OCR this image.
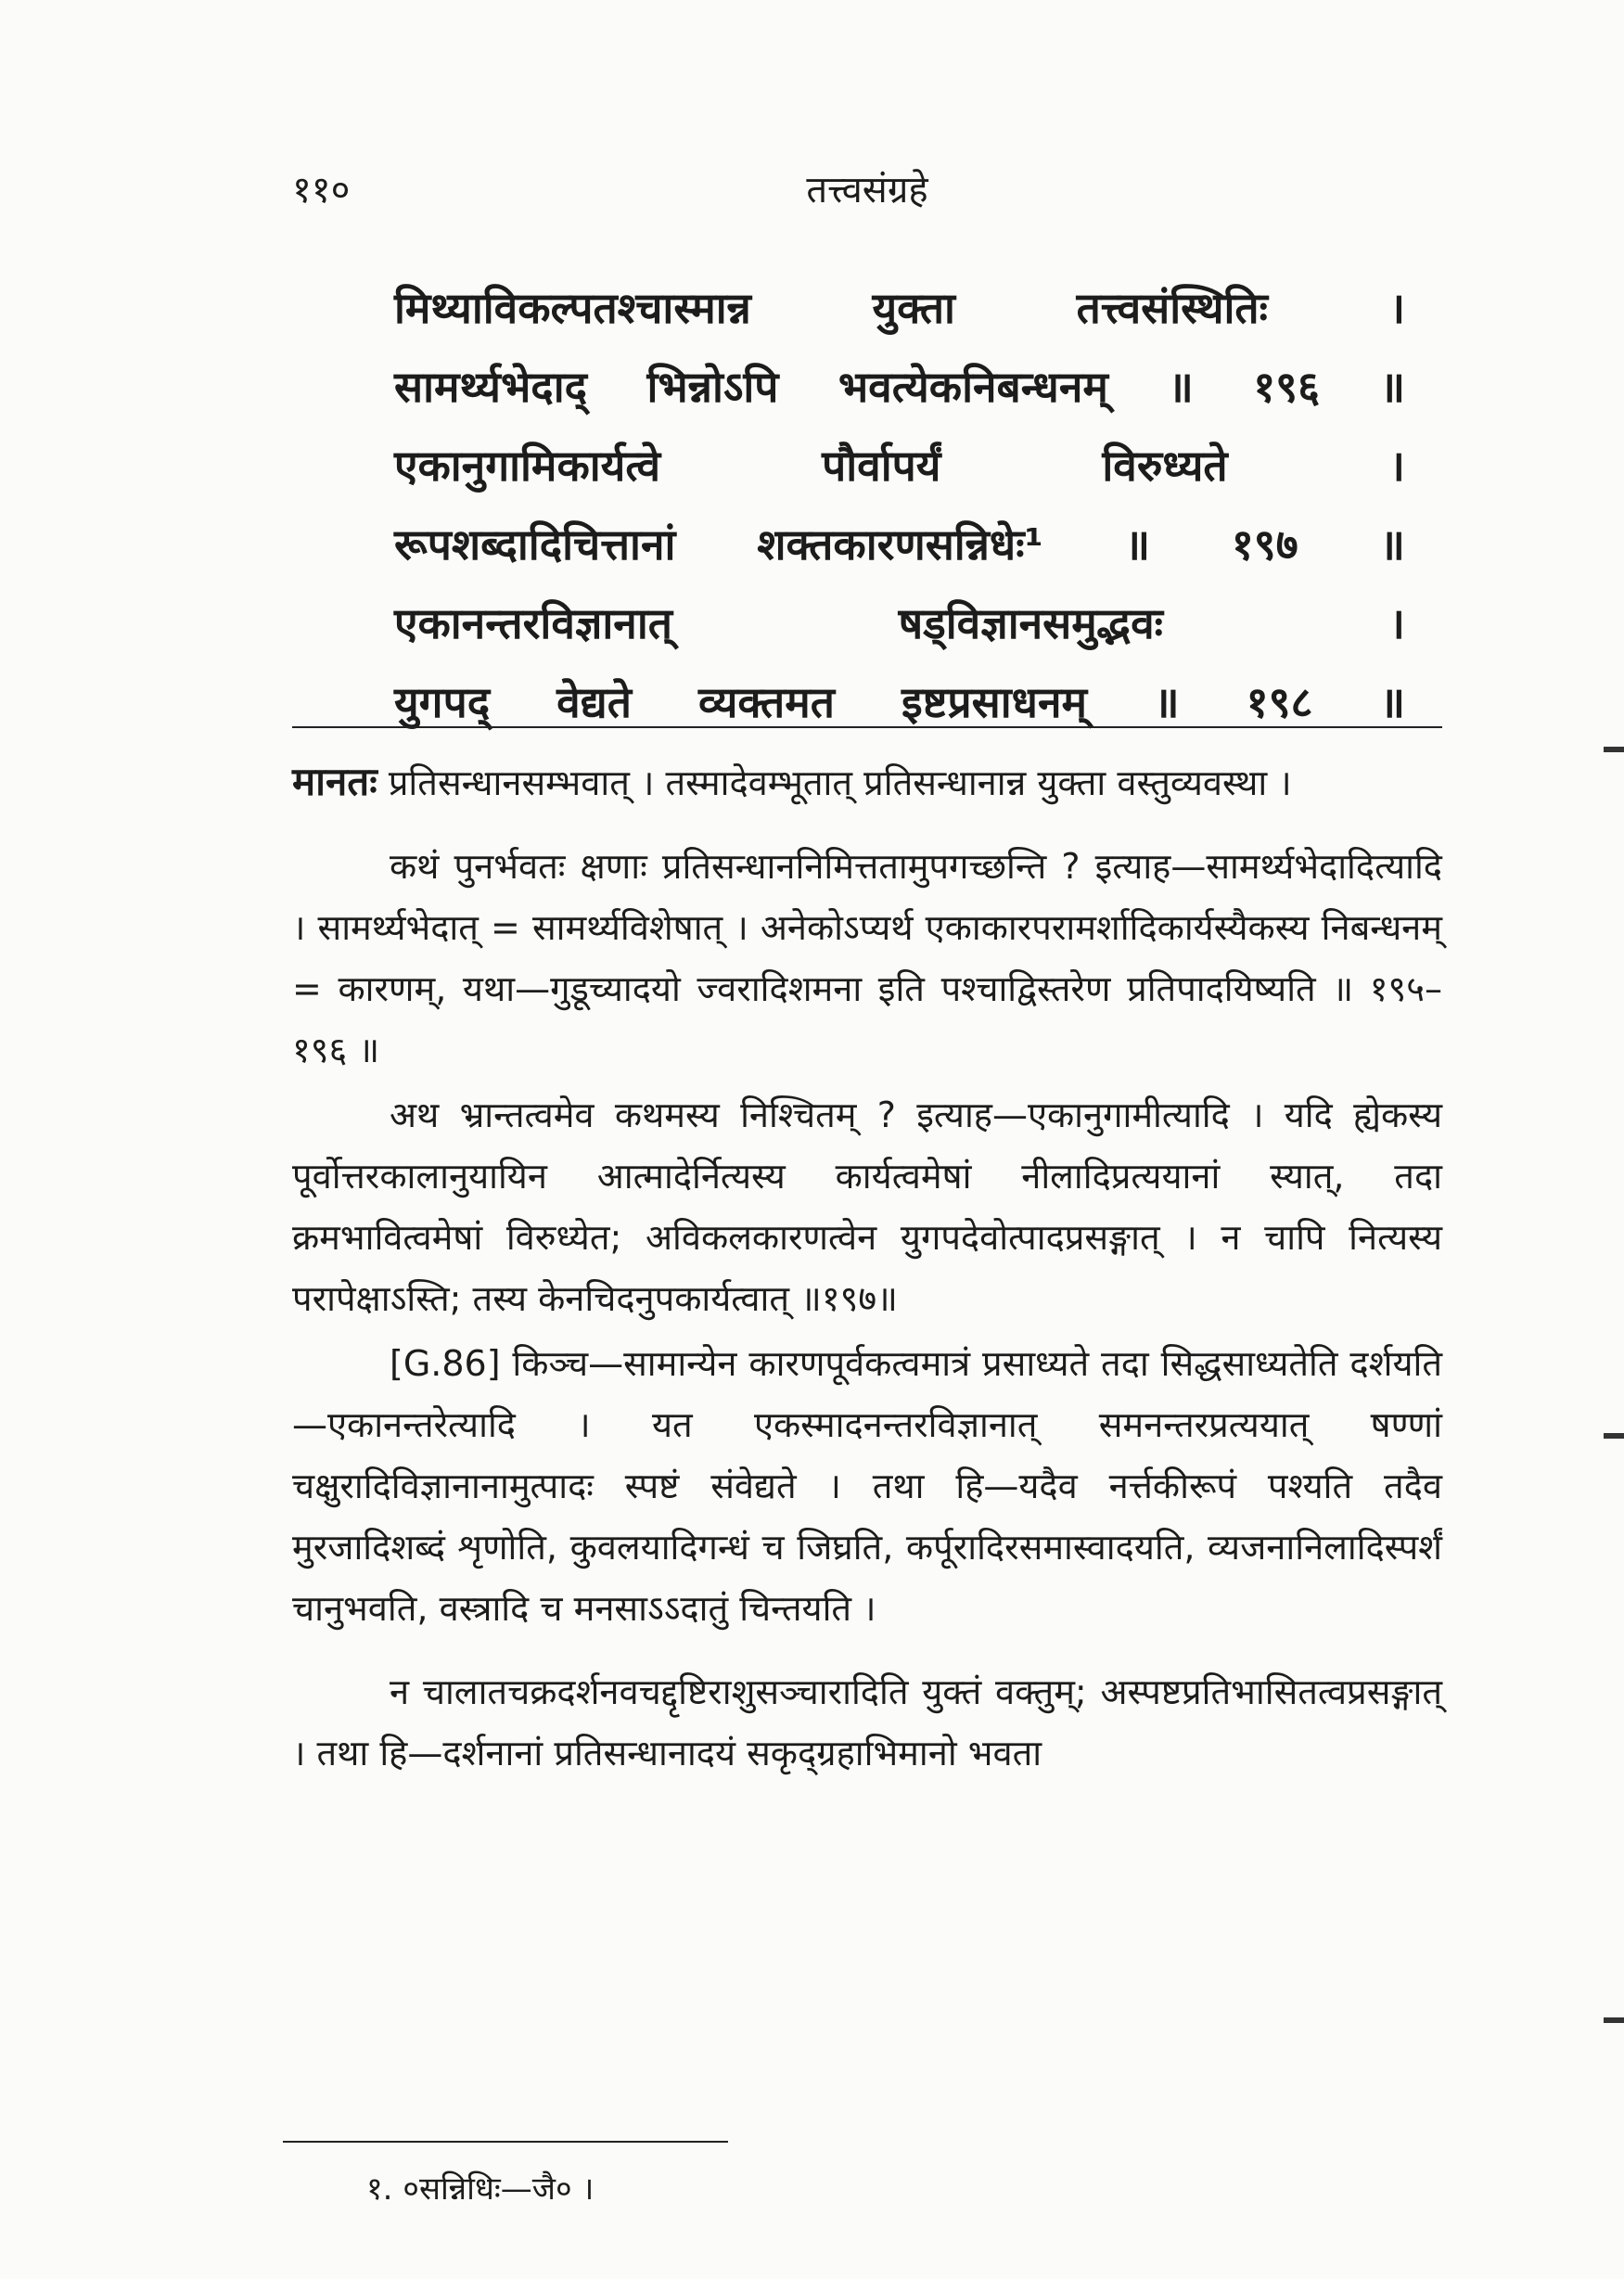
११०	तत्त्वसंग्रहे
मिथ्याविकल्पतश्चास्मान्न युक्ता तत्त्वसंस्थितिः ।
सामर्थ्यभेदाद् भिन्नोऽपि भवत्येकनिबन्धनम् ॥ १९६ ॥
एकानुगामिकार्यत्वे पौर्वापर्यं विरुध्यते ।
रूपशब्दादिचित्तानां शक्तकारणसन्निधेः¹ ॥ १९७ ॥
एकानन्तरविज्ञानात् षड्विज्ञानसमुद्भवः ।
युगपद् वेद्यते व्यक्तमत इष्टप्रसाधनम् ॥ १९८ ॥

मानतः प्रतिसन्धानसम्भवात् । तस्मादेवम्भूतात् प्रतिसन्धानान्न युक्ता वस्तुव्यवस्था ।

कथं पुनर्भवतः क्षणाः प्रतिसन्धाननिमित्ततामुपगच्छन्ति ? इत्याह—सामर्थ्यभेदादित्यादि । सामर्थ्यभेदात् = सामर्थ्यविशेषात् । अनेकोऽप्यर्थ एकाकारपरामर्शादिकार्यस्यैकस्य निबन्धनम् = कारणम्, यथा—गुडूच्यादयो ज्वरादिशमना इति पश्चाद्विस्तरेण प्रतिपादयिष्यति ॥ १९५–१९६ ॥

अथ भ्रान्तत्वमेव कथमस्य निश्चितम् ? इत्याह—एकानुगामीत्यादि । यदि ह्येकस्य पूर्वोत्तरकालानुयायिन आत्मादेर्नित्यस्य कार्यत्वमेषां नीलादिप्रत्ययानां स्यात्, तदा क्रमभावित्वमेषां विरुध्येत; अविकलकारणत्वेन युगपदेवोत्पादप्रसङ्गात् । न चापि नित्यस्य परापेक्षाऽस्ति; तस्य केनचिदनुपकार्यत्वात् ॥१९७॥

[G.86] किञ्च—सामान्येन कारणपूर्वकत्वमात्रं प्रसाध्यते तदा सिद्धसाध्यतेति दर्शयति—एकानन्तरेत्यादि । यत एकस्मादनन्तरविज्ञानात् समनन्तरप्रत्ययात् षण्णां चक्षुरादिविज्ञानानामुत्पादः स्पष्टं संवेद्यते । तथा हि—यदैव नर्त्तकीरूपं पश्यति तदैव मुरजादिशब्दं शृणोति, कुवलयादिगन्धं च जिघ्रति, कर्पूरादिरसमास्वादयति, व्यजनानिलादिस्पर्शं चानुभवति, वस्त्रादि च मनसाऽऽदातुं चिन्तयति ।

न चालातचक्रदर्शनवचद्दृष्टिराशुसञ्चारादिति युक्तं वक्तुम्; अस्पष्टप्रतिभासितत्वप्रसङ्गात् । तथा हि—दर्शनानां प्रतिसन्धानादयं सकृद्ग्रहाभिमानो भवता

१. ०सन्निधिः—जै० ।
